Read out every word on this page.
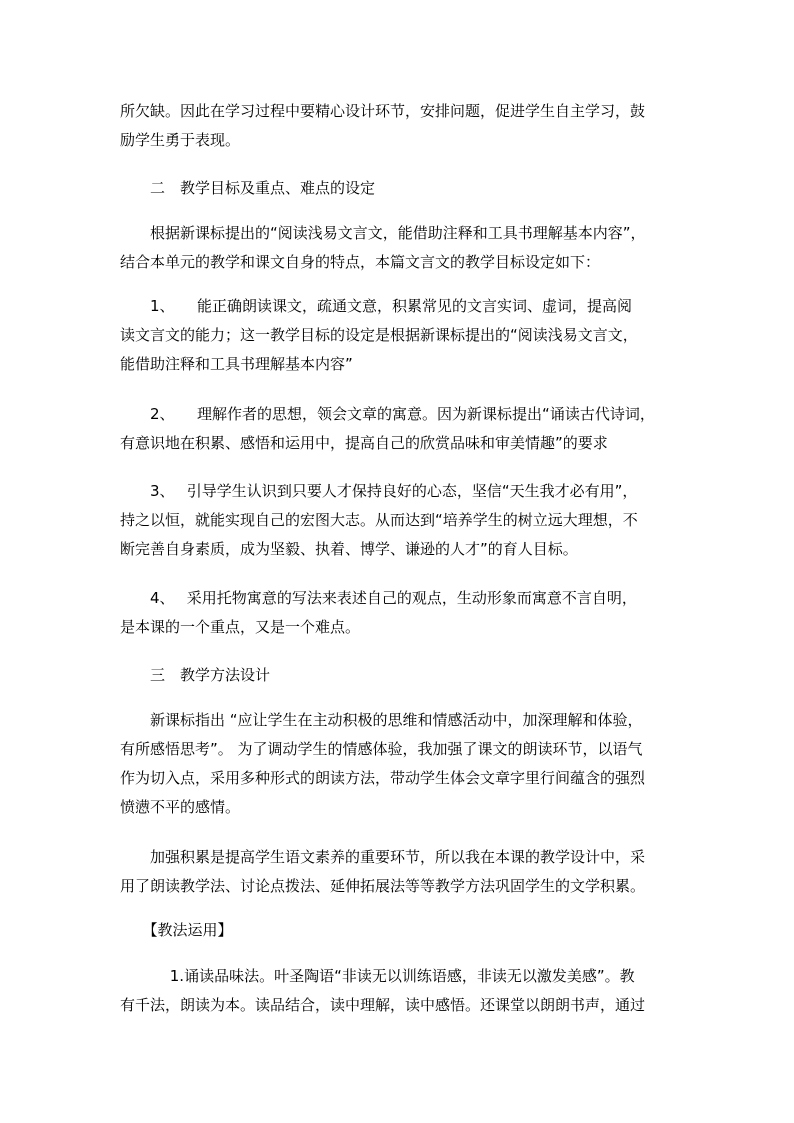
所欠缺。因此在学习过程中要精心设计环节，安排问题，促进学生自主学习，鼓
励学生勇于表现。
　　二　教学目标及重点、难点的设定
　　根据新课标提出的“阅读浅易文言文，能借助注释和工具书理解基本内容”，
结合本单元的教学和课文自身的特点，本篇文言文的教学目标设定如下：
　　1、　　能正确朗读课文，疏通文意，积累常见的文言实词、虚词，提高阅
读文言文的能力；这一教学目标的设定是根据新课标提出的“阅读浅易文言文，
能借助注释和工具书理解基本内容”
　　2、　　理解作者的思想，领会文章的寓意。因为新课标提出“诵读古代诗词，
有意识地在积累、感悟和运用中，提高自己的欣赏品味和审美情趣”的要求
　　3、　 引导学生认识到只要人才保持良好的心态，坚信“天生我才必有用”，
持之以恒，就能实现自己的宏图大志。从而达到“培养学生的树立远大理想，不
断完善自身素质，成为坚毅、执着、博学、谦逊的人才”的育人目标。
　　4、　 采用托物寓意的写法来表述自己的观点，生动形象而寓意不言自明，
是本课的一个重点，又是一个难点。
　　三　教学方法设计
　　新课标指出 “应让学生在主动积极的思维和情感活动中，加深理解和体验，
有所感悟思考”。 为了调动学生的情感体验，我加强了课文的朗读环节，以语气
作为切入点，采用多种形式的朗读方法，带动学生体会文章字里行间蕴含的强烈
愤懑不平的感情。
　　加强积累是提高学生语文素养的重要环节，所以我在本课的教学设计中，采
用了朗读教学法、讨论点拨法、延伸拓展法等等教学方法巩固学生的文学积累。
　　【教法运用】
　　　 1.诵读品味法。叶圣陶语“非读无以训练语感，非读无以激发美感”。教
有千法，朗读为本。读品结合，读中理解，读中感悟。还课堂以朗朗书声，通过
